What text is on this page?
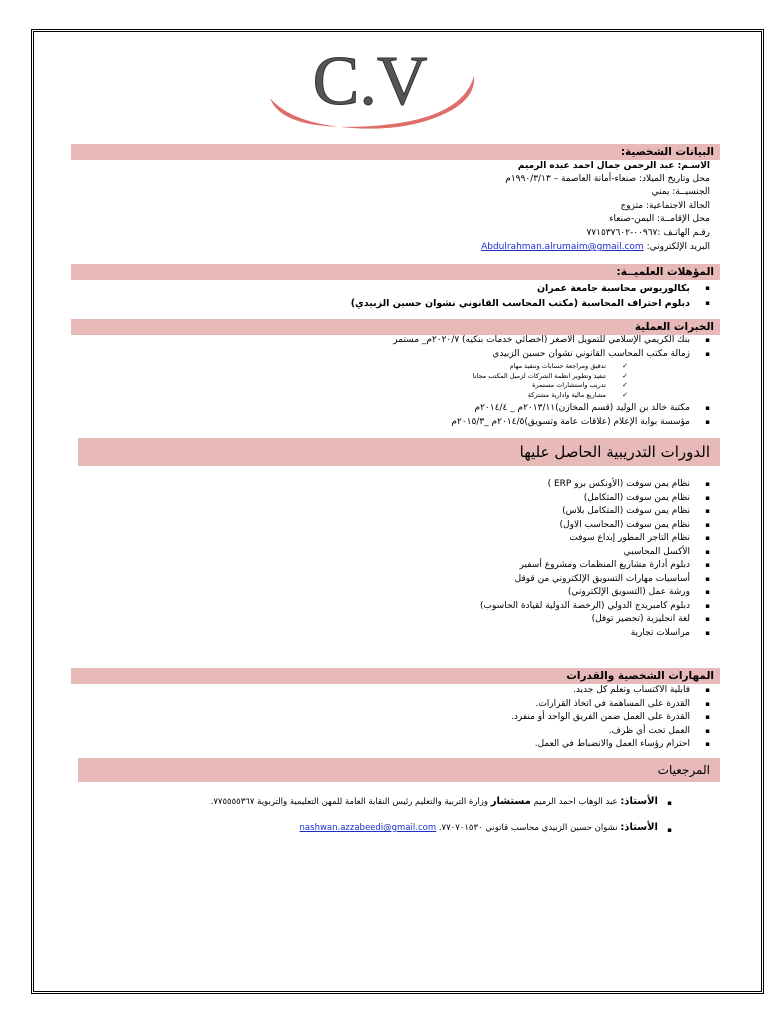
C.V
البيانات الشخصية:
الاسـم: عبد الرحمن جمال احمد عبده الرميم
محل وتاريخ الميلاد: صنعاء-أمانة العاصمة – ١٩٩٠/٣/١٣م
الجنسيــة: يمني
الحالة الاجتماعية: متزوج
محل الإقامــة: اليمن-صنعاء
رقـم الهاتـف :٠٠٩٦٧-٧٧١٥٣٧٦٠٢
البريد الإلكتروني: Abdulrahman.alrumaim@gmail.com
المؤهلات العلميــة:
بكالوريوس محاسبة جامعة عمران ▪
دبلوم احتراف المحاسبة (مكتب المحاسب القانوني نشوان حسين الزبيدي) ▪
الخبرات العملية
بنك الكريمي الإسلامي للتمويل الاصغر (اخصائي خدمات بنكيه) ٢٠٢٠/٧م_ مستمر ▪
زمالة مكتب المحاسب القانوني نشوان حسين الزبيدي ▪
تدقيق ومراجعة حسابات وتنفيذ مهام ✓
تنفيذ وتطوير انظمة الشركات لزميل المكتب مجانا ✓
تدريب واستشارات مستمرة ✓
مشاريع مالية وادارية مشتركة ✓
مكتبة خالد بن الوليد (قسم المخازن)٢٠١٣/١١م _ ٢٠١٤/٤م ▪
مؤسسة بوابة الإعلام (علاقات عامة وتسويق)٢٠١٤/٥م _٢٠١٥/٣م ▪
الدورات التدريبية الحاصل عليها
نظام يمن سوفت (الأونكس برو ERP ) ▪
نظام يمن سوفت (المتكامل) ▪
نظام يمن سوفت (المتكامل بلاس) ▪
نظام يمن سوفت (المحاسب الاول) ▪
نظام التاجر المطور إبداع سوفت ▪
الأكسل المحاسبي ▪
دبلوم أدارة مشاريع المنظمات ومشروع أسفير ▪
أساسيات مهارات التسويق الإلكتروني من قوقل ▪
ورشة عمل (التسويق الإلكتروني) ▪
دبلوم كامبريدج الدولي (الرخصة الدولية لقيادة الحاسوب) ▪
لغة انجليزية (تحضير توفل) ▪
مراسلات تجارية ▪
المهارات الشخصية والقدرات
قابلية الاكتساب وتعلم كل جديد. ▪
القدرة على المساهمة في اتخاذ القرارات. ▪
القدرة على العمل ضمن الفريق الواحد أو منفرد. ▪
العمل تحت أي ظرف. ▪
احترام رؤساء العمل والانضباط في العمل. ▪
المرجعيات
▪
الأستاذ: عبد الوهاب احمد الرميم مستشار وزارة التربية والتعليم رئيس النقابة العامة للمهن التعليمية والتربوية ٧٧٥٥٥٥٣٦٧.
▪
الأستاذ: نشوان حسين الزبيدي محاسب قانوني ٧٧٠٧٠١٥٣٠. nashwan.azzabeedi@gmail.com
